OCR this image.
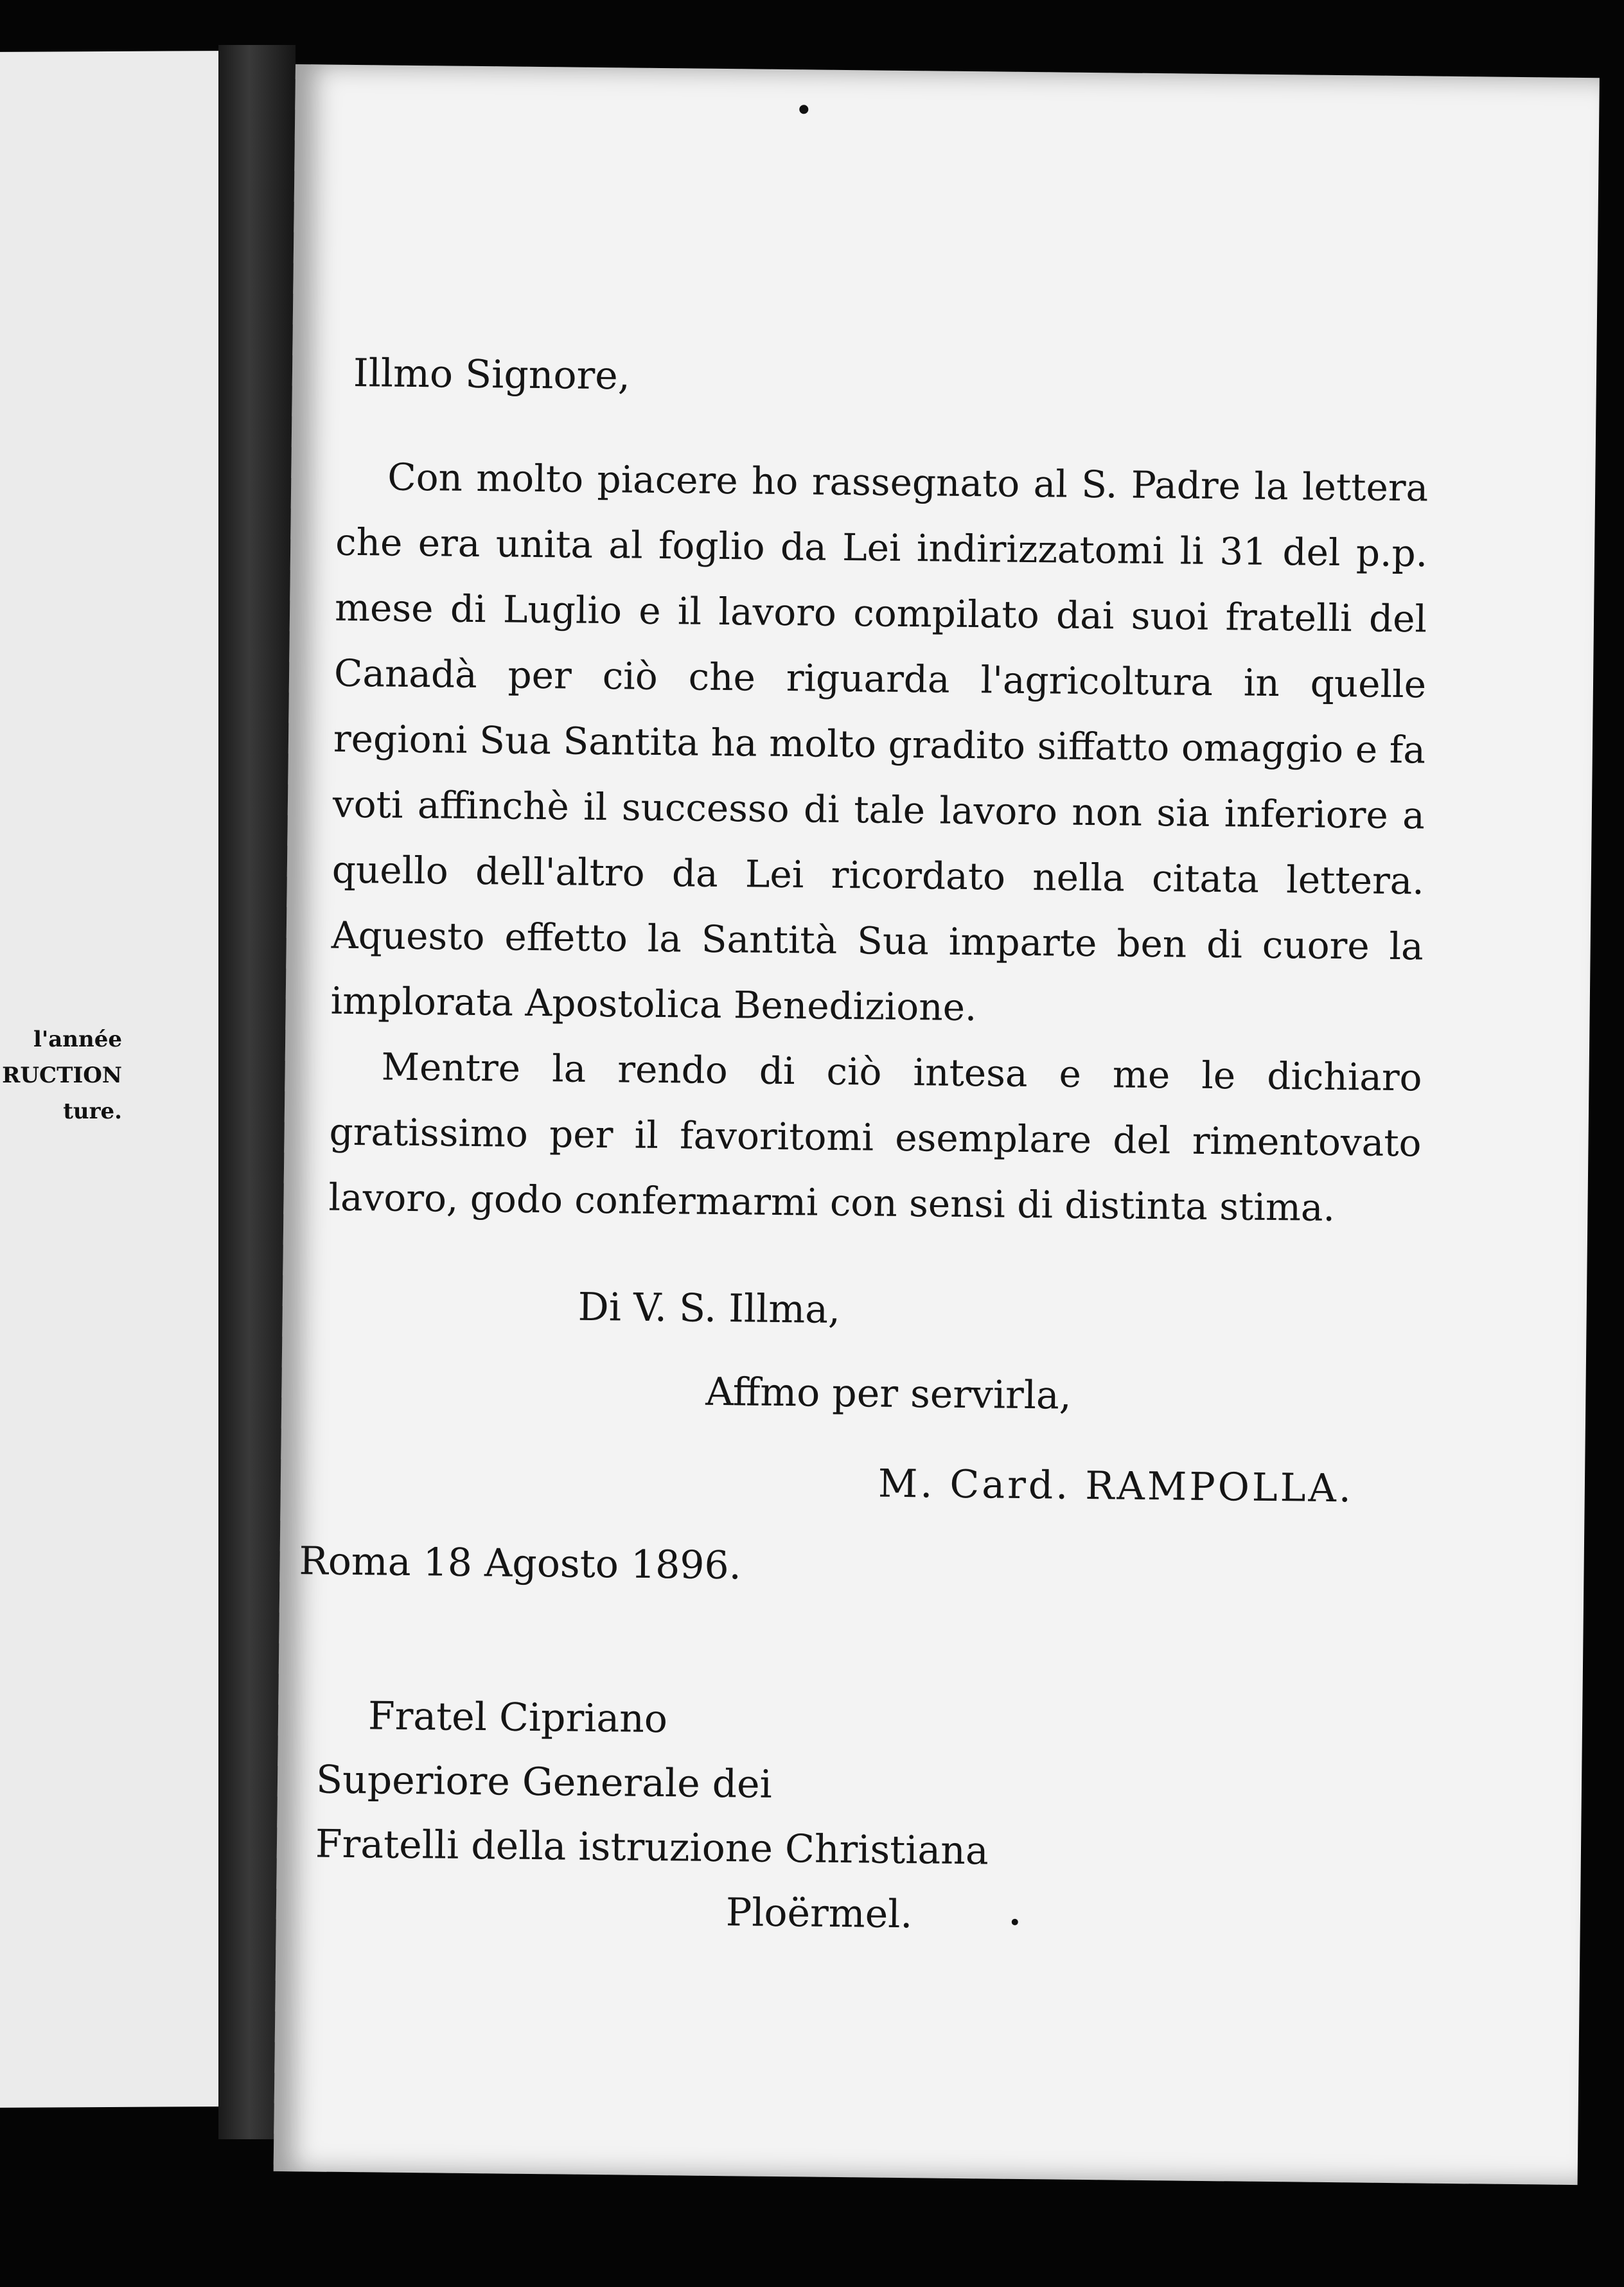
l'année
RUCTION
ture.
Illmo Signore,

Con molto piacere ho rassegnato al S. Padre la lettera che era unita al foglio da Lei indirizzatomi li 31 del p.p. mese di Luglio e il lavoro compilato dai suoi fratelli del Canadà per ciò che riguarda l'agricoltura in quelle regioni Sua Santita ha molto gradito siffatto omaggio e fa voti affinchè il successo di tale lavoro non sia inferiore a quello dell'altro da Lei ricordato nella citata lettera. Aquesto effetto la Santità Sua imparte ben di cuore la implorata Apostolica Benedizione.

Mentre la rendo di ciò intesa e me le dichiaro gratissimo per il favoritomi esemplare del rimentovato lavoro, godo confermarmi con sensi di distinta stima.

Di V. S. Illma,
Affmo per servirla,
M. Card. RAMPOLLA.
Roma 18 Agosto 1896.
Fratel Cipriano
Superiore Generale dei
Fratelli della istruzione Christiana
Ploërmel.
